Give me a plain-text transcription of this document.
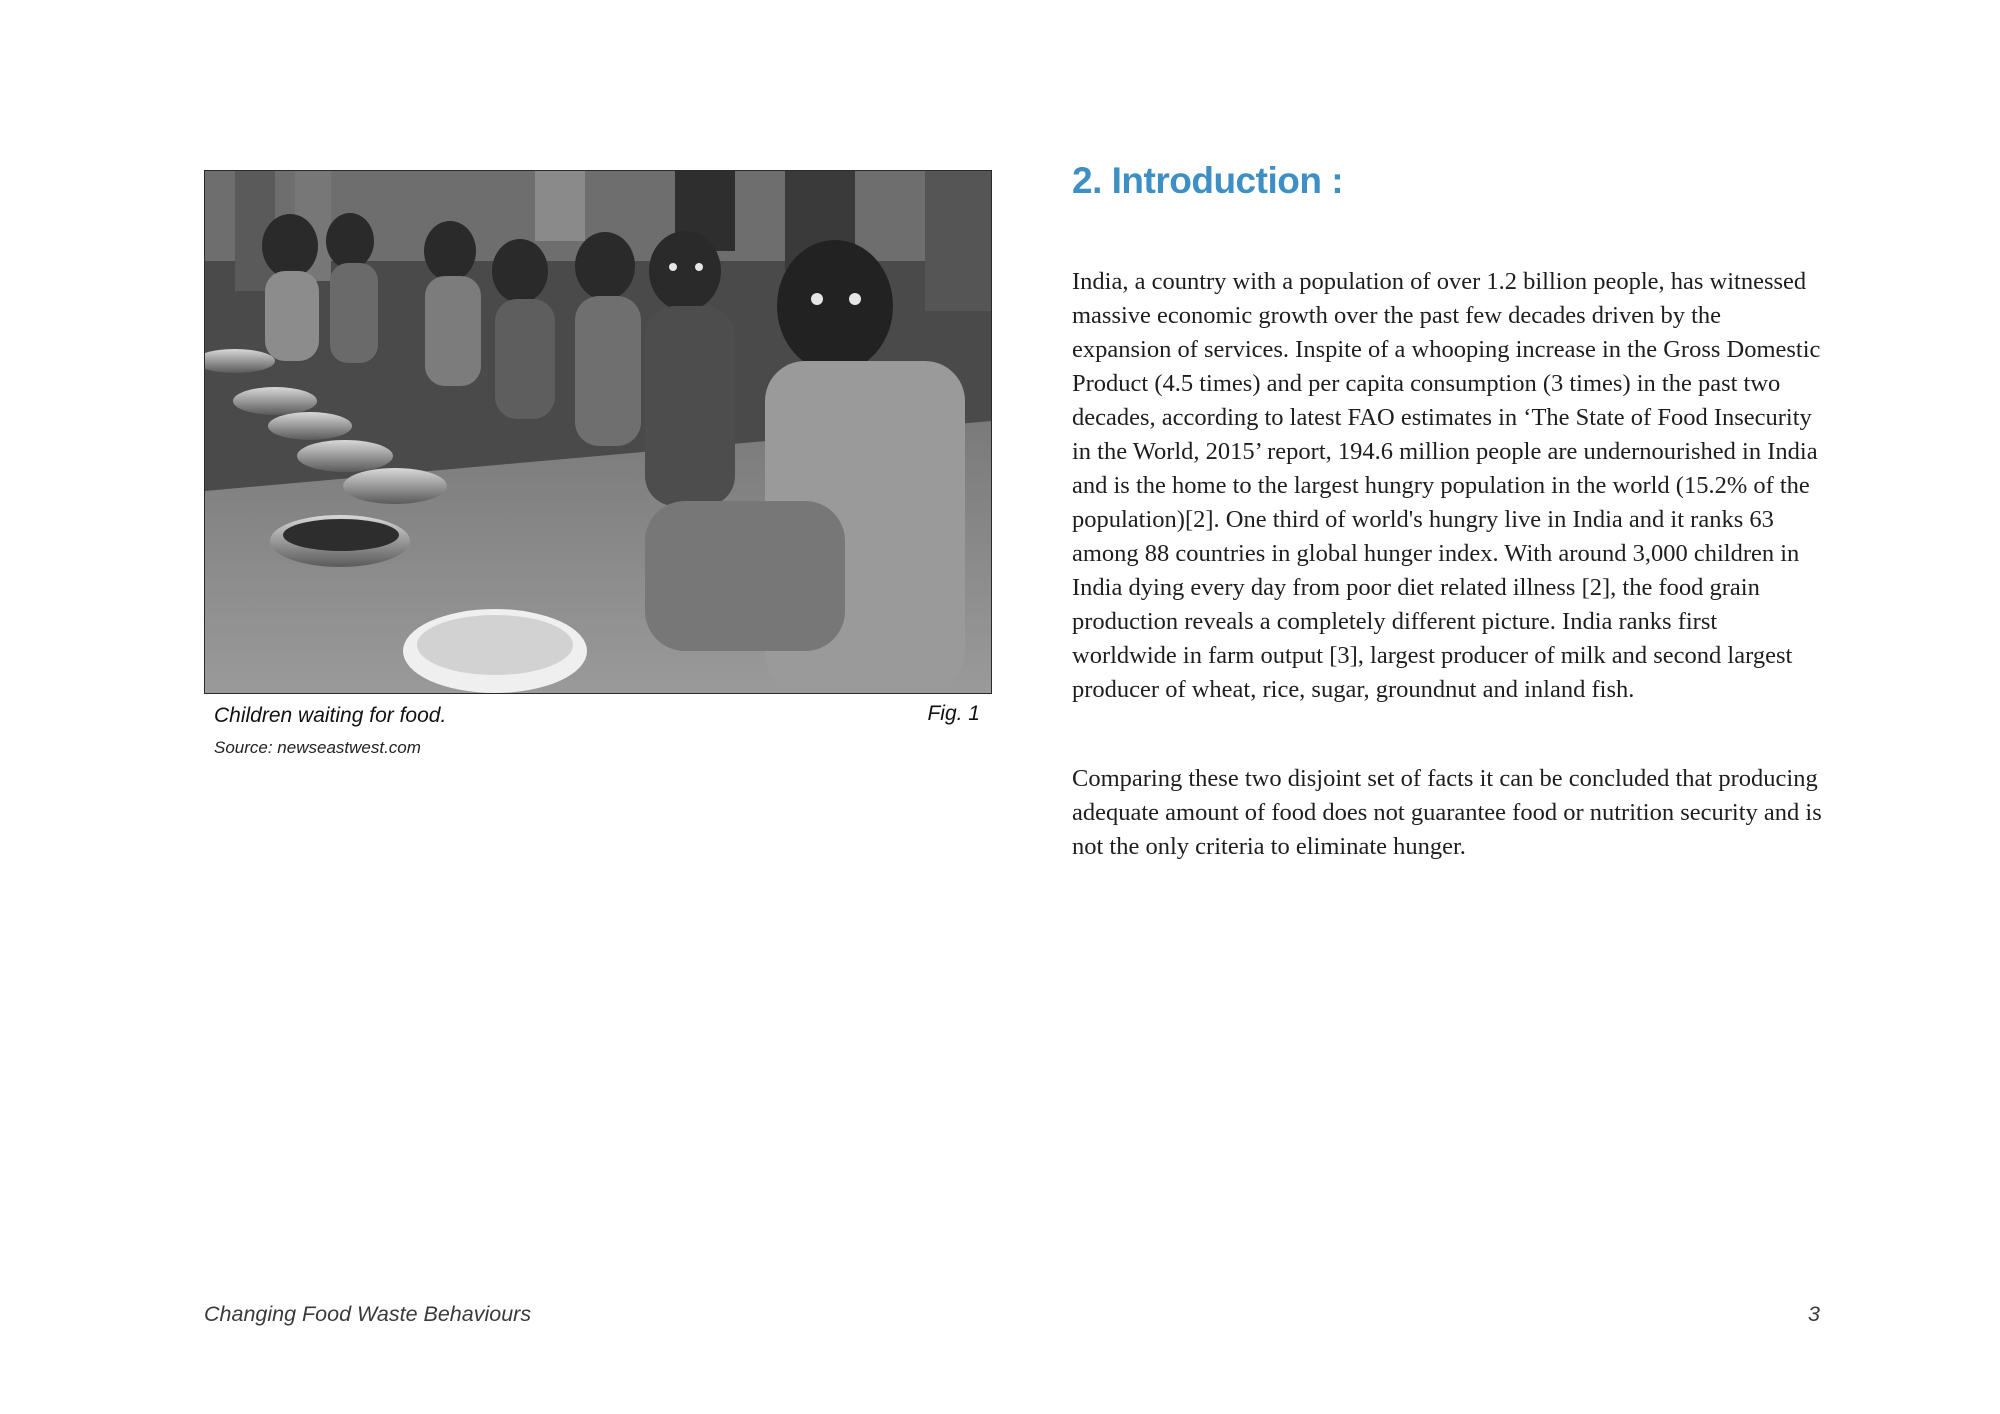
Children waiting for food.	Fig. 1
Source: newseastwest.com
2. Introduction :

India, a country with a population of over 1.2 billion people, has witnessed massive economic growth over the past few decades driven by the expansion of services. Inspite of a whooping increase in the Gross Domestic Product (4.5 times) and per capita consumption (3 times) in the past two decades, according to latest FAO estimates in ‘The State of Food Insecurity in the World, 2015’ report, 194.6 million people are undernourished in India and is the home to the largest hungry population in the world (15.2% of the population)[2]. One third of world's hungry live in India and it ranks 63 among 88 countries in global hunger index. With around 3,000 children in India dying every day from poor diet related illness [2], the food grain production reveals a completely different picture. India ranks first worldwide in farm output [3], largest producer of milk and second largest producer of wheat, rice, sugar, groundnut and inland fish.

Comparing these two disjoint set of facts it can be concluded that producing adequate amount of food does not guarantee food or nutrition security and is not the only criteria to eliminate hunger.

Changing Food Waste Behaviours	3
